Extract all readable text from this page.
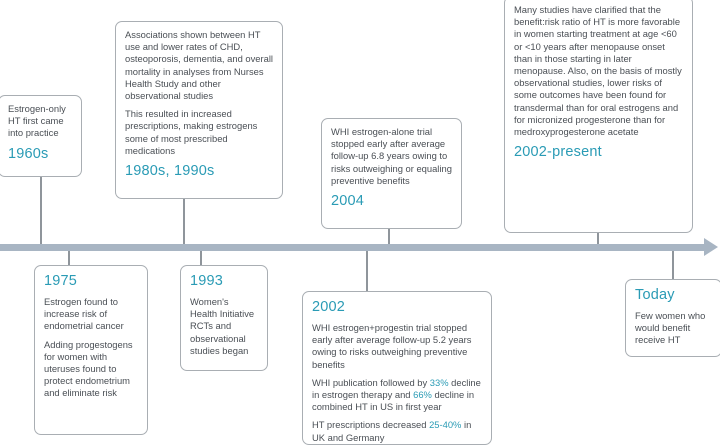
Estrogen-only HT first came into practice

1960s

Associations shown between HT use and lower rates of CHD, osteoporosis, dementia, and overall mortality in analyses from Nurses Health Study and other observational studies

This resulted in increased prescriptions, making estrogens some of most prescribed medications

1980s, 1990s

WHI estrogen-alone trial stopped early after average follow-up 6.8 years owing to risks outweighing or equaling preventive benefits

2004

Many studies have clarified that the benefit:risk ratio of HT is more favorable in women starting treatment at age <60 or <10 years after menopause onset than in those starting in later menopause. Also, on the basis of mostly observational studies, lower risks of some outcomes have been found for transdermal than for oral estrogens and for micronized progesterone than for medroxyprogesterone acetate

2002-present
1975

Estrogen found to increase risk of endometrial cancer

Adding progestogens for women with uteruses found to protect endometrium and eliminate risk

1993

Women's Health Initiative RCTs and observational studies began

2002

WHI estrogen+progestin trial stopped early after average follow-up 5.2 years owing to risks outweighing preventive benefits

WHI publication followed by 33% decline in estrogen therapy and 66% decline in combined HT in US in first year

HT prescriptions decreased 25-40% in UK and Germany

Today

Few women who would benefit receive HT
